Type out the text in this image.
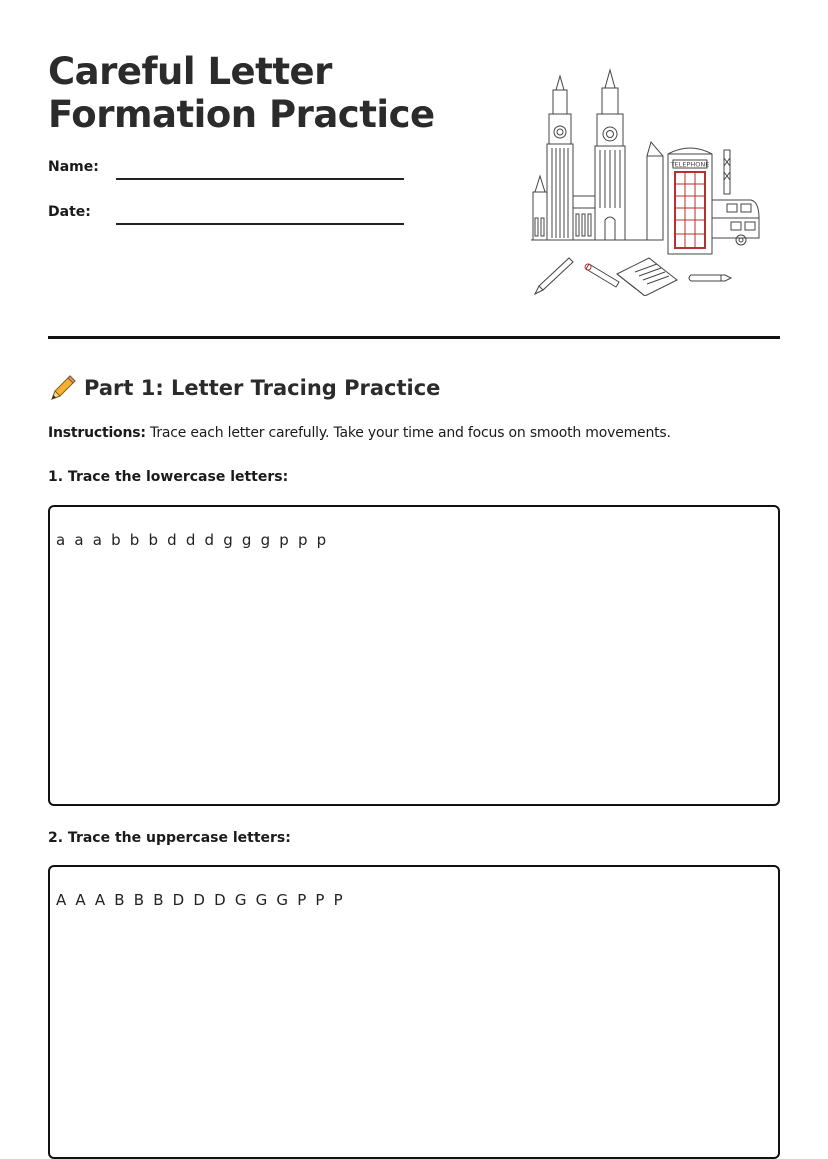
Careful Letter
Formation Practice
Name:
Date:
TELEPHONE
Part 1: Letter Tracing Practice
Instructions: Trace each letter carefully. Take your time and focus on smooth movements.
1. Trace the lowercase letters:
a a a b b b d d d g g g p p p
2. Trace the uppercase letters:
A A A B B B D D D G G G P P P
